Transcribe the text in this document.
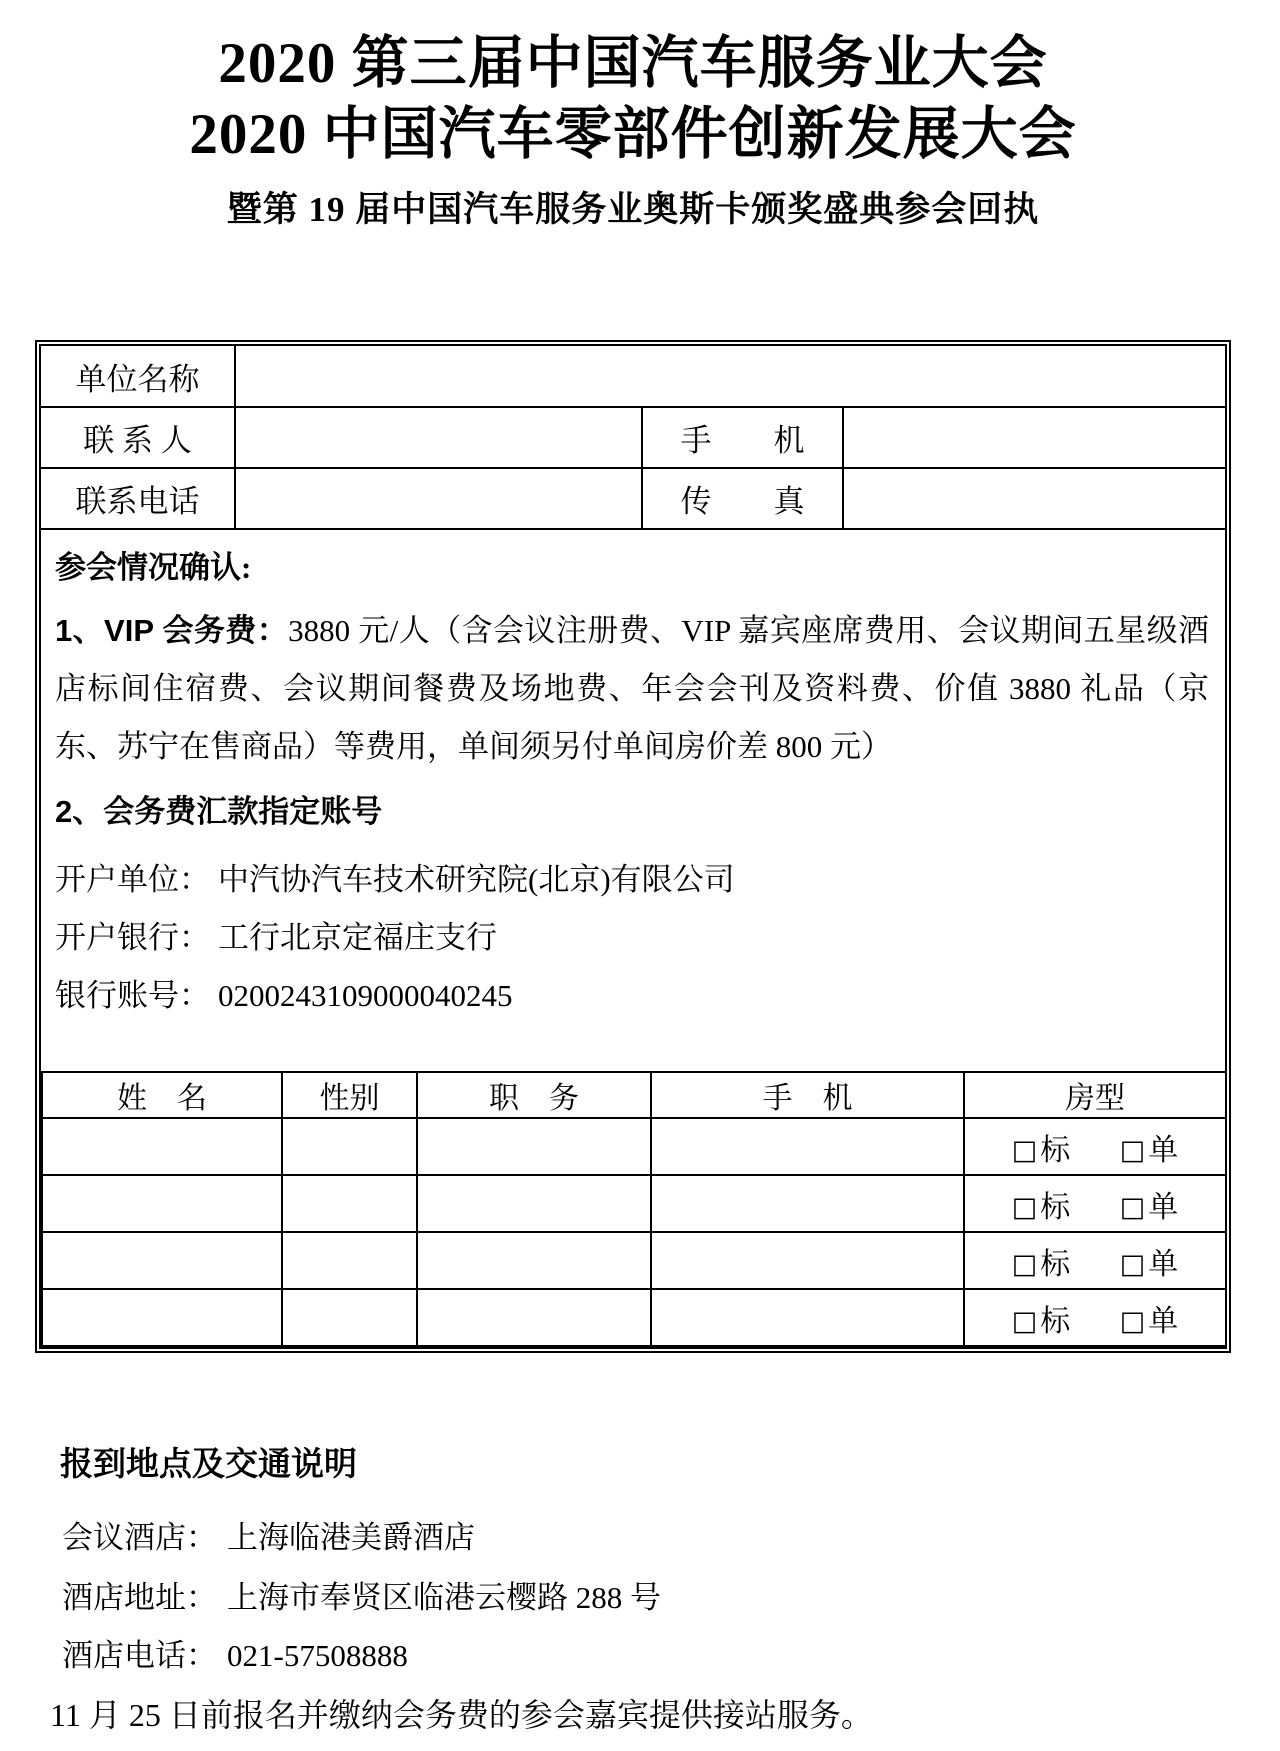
2020 第三届中国汽车服务业大会
2020 中国汽车零部件创新发展大会
暨第 19 届中国汽车服务业奥斯卡颁奖盛典参会回执
单位名称			
联 系 人		手　　机	
联系电话		传　　真	

参会情况确认:

1、VIP 会务费：3880 元/人（含会议注册费、VIP 嘉宾座席费用、会议期间五星级酒店标间住宿费、会议期间餐费及场地费、年会会刊及资料费、价值 3880 礼品（京东、苏宁在售商品）等费用，单间须另付单间房价差 800 元）

2、会务费汇款指定账号

开户单位： 中汽协汽车技术研究院(北京)有限公司

开户银行： 工行北京定福庄支行

银行账号： 0200243109000040245

姓　名	性别	职　务	手　机	房型
				□ 标 □ 单
				□ 标 □ 单
				□ 标 □ 单
				□ 标 □ 单
报到地点及交通说明

会议酒店： 上海临港美爵酒店

酒店地址： 上海市奉贤区临港云樱路 288 号

酒店电话： 021-57508888

11 月 25 日前报名并缴纳会务费的参会嘉宾提供接站服务。
